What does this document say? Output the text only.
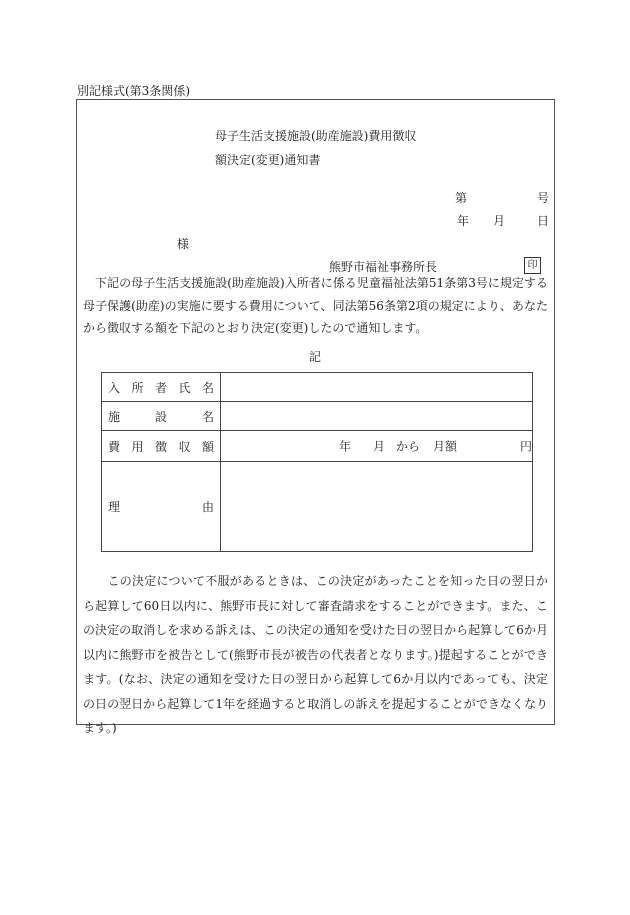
別記様式(第3条関係)
母子生活支援施設(助産施設)費用徴収
額決定(変更)通知書
第	号
年 月	日
様
熊野市福祉事務所長	印
　下記の母子生活支援施設(助産施設)入所者に係る児童福祉法第51条第3号に規定する母子保護(助産)の実施に要する費用について、同法第56条第2項の規定により、あなたから徴収する額を下記のとおり決定(変更)したので通知します。
記
入 所 者 氏 名	

施 設 名	

費 用 徴 収 額	年 月 から 月額 円

理 由	

　　この決定について不服があるときは、この決定があったことを知った日の翌日から起算して60日以内に、熊野市長に対して審査請求をすることができます。また、この決定の取消しを求める訴えは、この決定の通知を受けた日の翌日から起算して6か月以内に熊野市を被告として(熊野市長が被告の代表者となります。)提起することができます。(なお、決定の通知を受けた日の翌日から起算して6か月以内であっても、決定の日の翌日から起算して1年を経過すると取消しの訴えを提起することができなくなります。)
